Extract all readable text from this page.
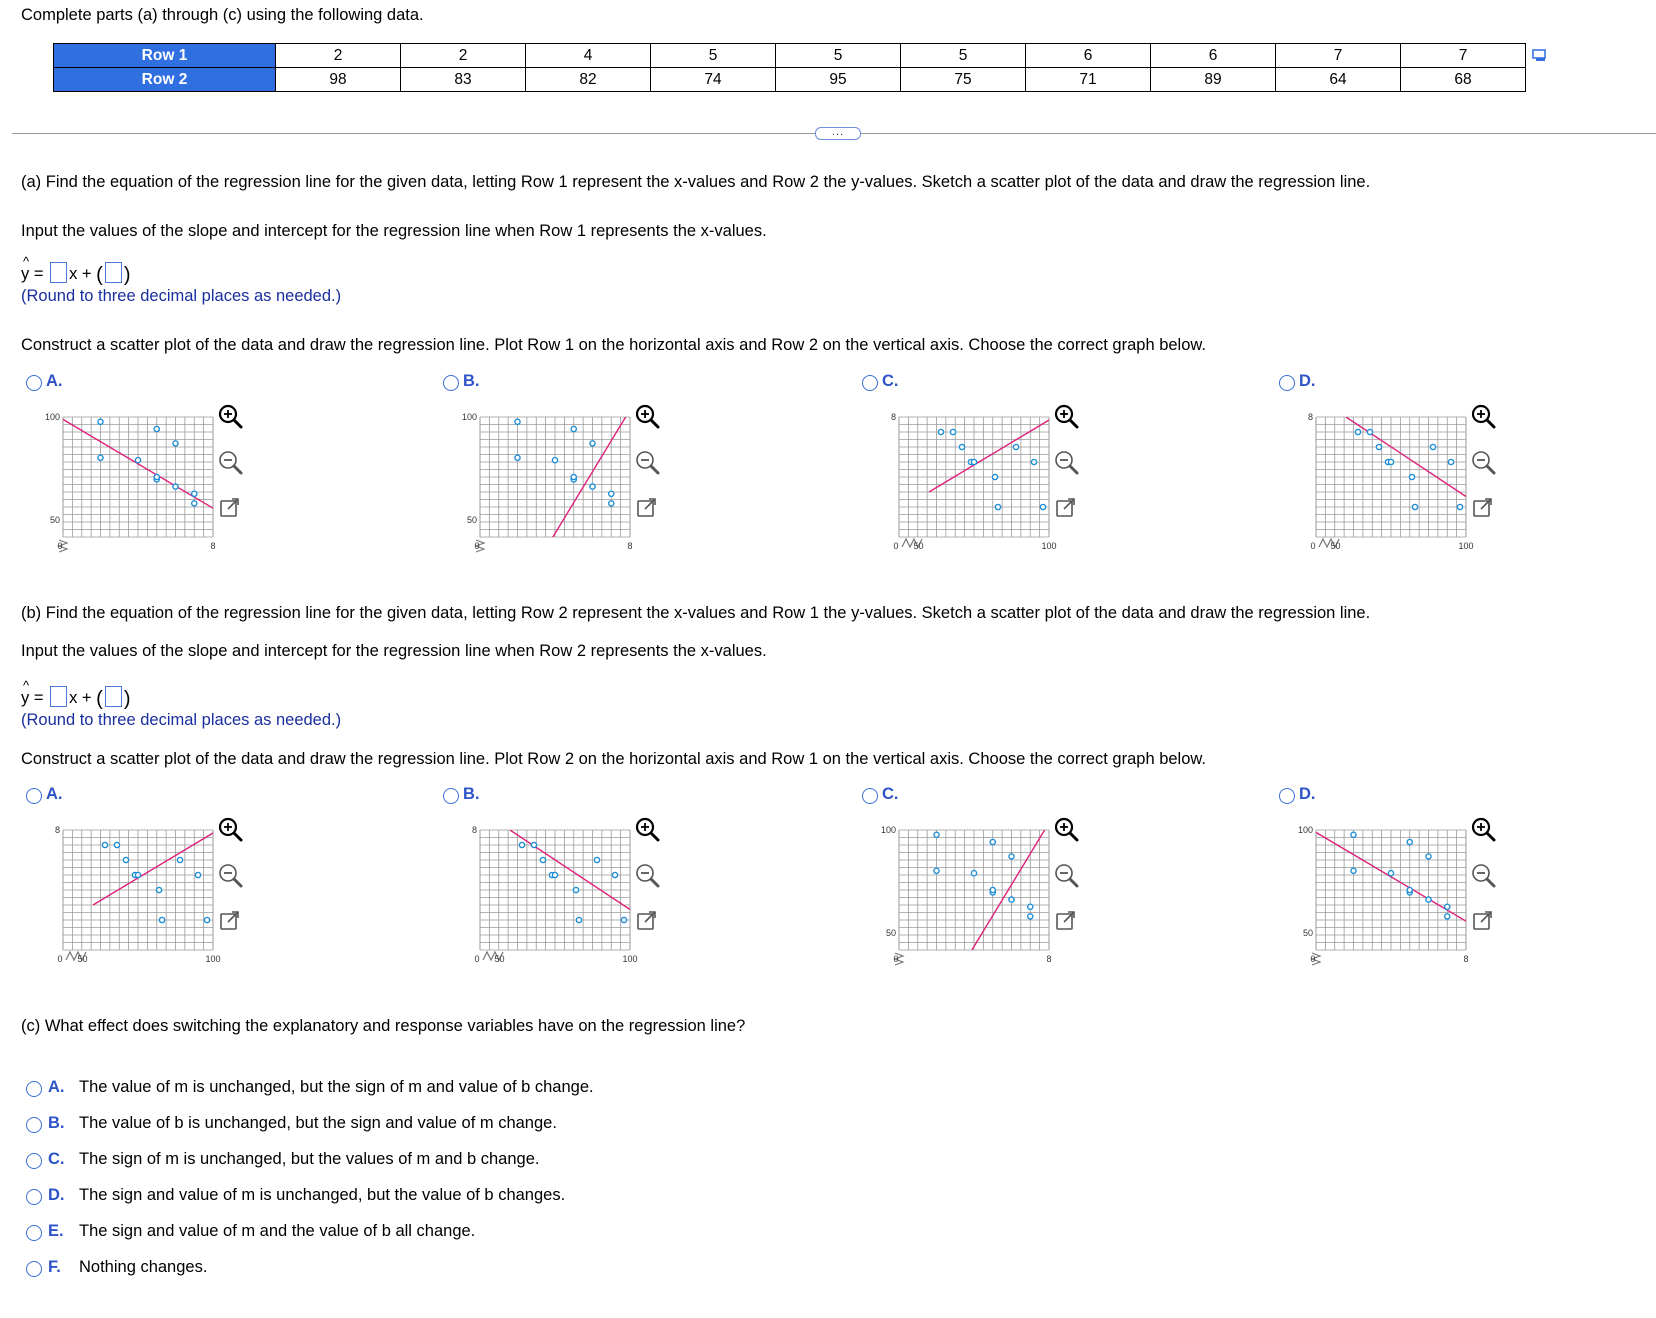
Complete parts (a) through (c) using the following data.
Row 1	2	2	4	5	5	5	6	6	7	7
Row 2	98	83	82	74	95	75	71	89	64	68
...
(a) Find the equation of the regression line for the given data, letting Row 1 represent the x-values and Row 2 the y-values. Sketch a scatter plot of the data and draw the regression line.
Input the values of the slope and intercept for the regression line when Row 1 represents the x-values.
^
y = x + ( )
(Round to three decimal places as needed.)
Construct a scatter plot of the data and draw the regression line. Plot Row 1 on the horizontal axis and Row 2 on the vertical axis. Choose the correct graph below.
(b) Find the equation of the regression line for the given data, letting Row 2 represent the x-values and Row 1 the y-values. Sketch a scatter plot of the data and draw the regression line.
Input the values of the slope and intercept for the regression line when Row 2 represents the x-values.
^
y = x + ( )
(Round to three decimal places as needed.)
Construct a scatter plot of the data and draw the regression line. Plot Row 2 on the horizontal axis and Row 1 on the vertical axis. Choose the correct graph below.
(c) What effect does switching the explanatory and response variables have on the regression line?
A. The value of m is unchanged, but the sign of m and value of b change.
B. The value of b is unchanged, but the sign and value of m change.
C. The sign of m is unchanged, but the values of m and b change.
D. The sign and value of m is unchanged, but the value of b changes.
E. The sign and value of m and the value of b all change.
F. Nothing changes.
A.
0
100
50
8
B.
0
100
50
8
C.
0
8
100
50
D.
0
8
100
50
A.
0
8
100
50
B.
0
8
100
50
C.
0
100
50
8
D.
0
100
50
8
